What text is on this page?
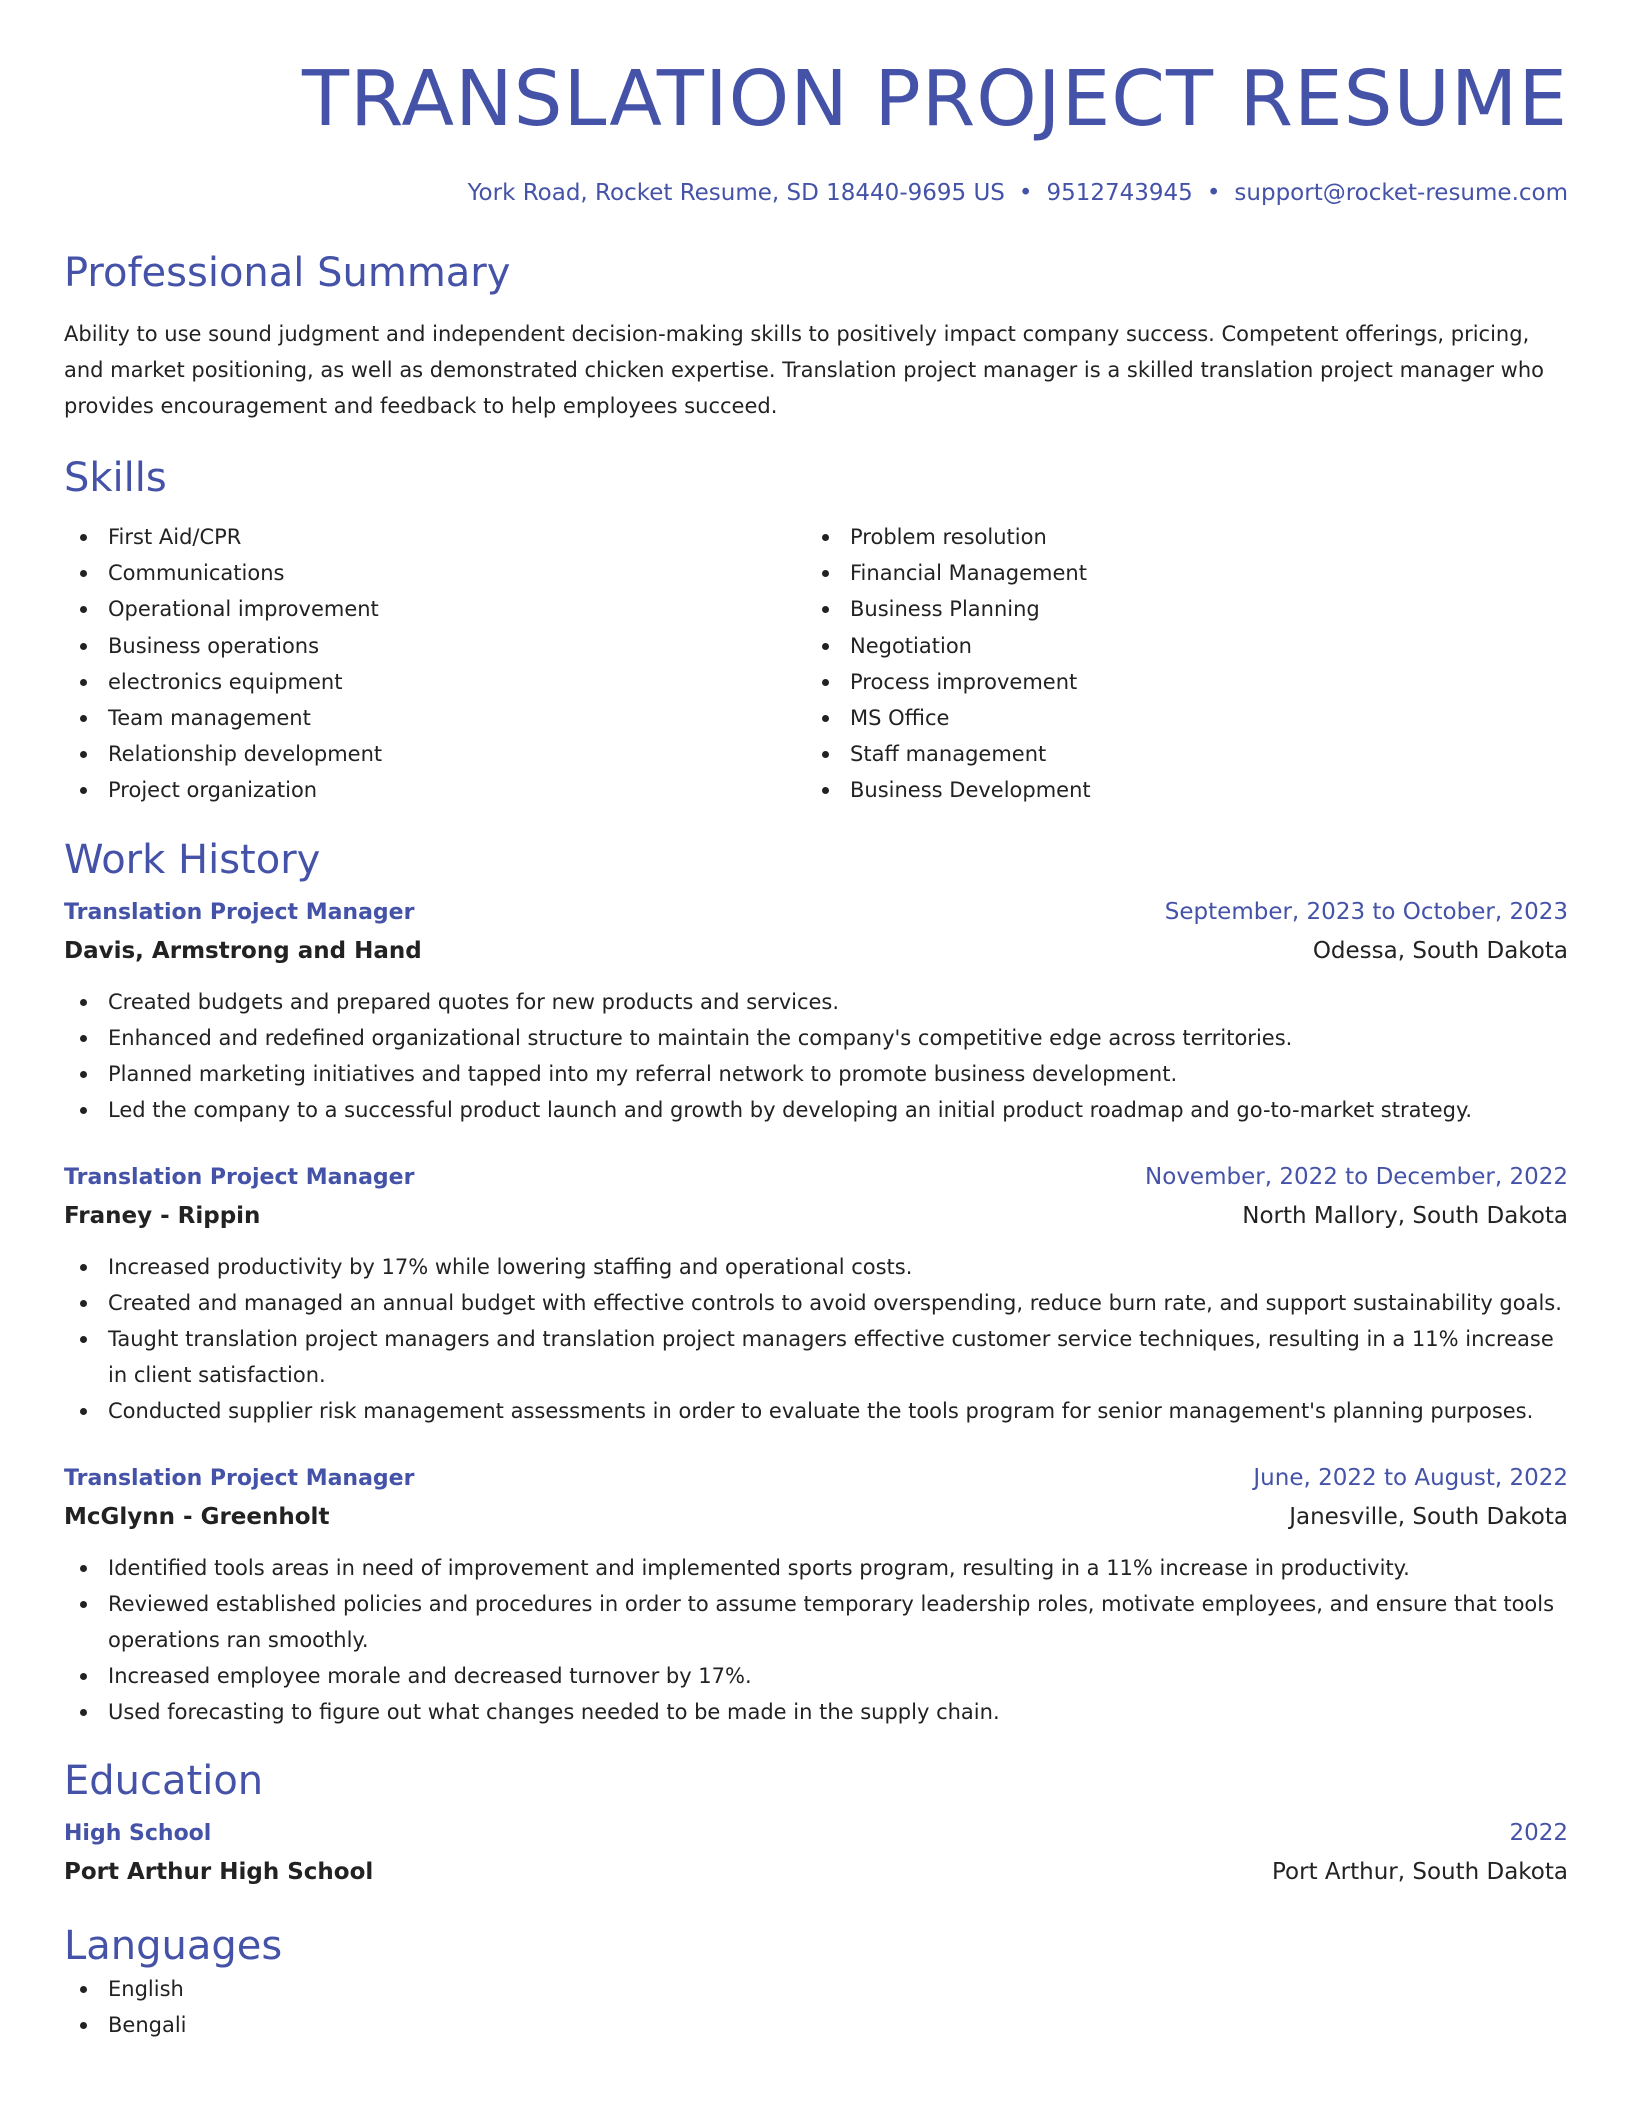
TRANSLATION PROJECT RESUME
York Road, Rocket Resume, SD 18440-9695 US • 9512743945 • support@rocket-resume.com
Professional Summary
Ability to use sound judgment and independent decision-making skills to positively impact company success. Competent offerings, pricing, and market positioning, as well as demonstrated chicken expertise. Translation project manager is a skilled translation project manager who provides encouragement and feedback to help employees succeed.
Skills
First Aid/CPR
Communications
Operational improvement
Business operations
electronics equipment
Team management
Relationship development
Project organization
Problem resolution
Financial Management
Business Planning
Negotiation
Process improvement
MS Office
Staff management
Business Development
Work History
Translation Project Manager	September, 2023 to October, 2023
Davis, Armstrong and Hand	Odessa, South Dakota
Created budgets and prepared quotes for new products and services.
Enhanced and redefined organizational structure to maintain the company's competitive edge across territories.
Planned marketing initiatives and tapped into my referral network to promote business development.
Led the company to a successful product launch and growth by developing an initial product roadmap and go-to-market strategy.
Translation Project Manager	November, 2022 to December, 2022
Franey - Rippin	North Mallory, South Dakota
Increased productivity by 17% while lowering staffing and operational costs.
Created and managed an annual budget with effective controls to avoid overspending, reduce burn rate, and support sustainability goals.
Taught translation project managers and translation project managers effective customer service techniques, resulting in a 11% increase in client satisfaction.
Conducted supplier risk management assessments in order to evaluate the tools program for senior management's planning purposes.
Translation Project Manager	June, 2022 to August, 2022
McGlynn - Greenholt	Janesville, South Dakota
Identified tools areas in need of improvement and implemented sports program, resulting in a 11% increase in productivity.
Reviewed established policies and procedures in order to assume temporary leadership roles, motivate employees, and ensure that tools operations ran smoothly.
Increased employee morale and decreased turnover by 17%.
Used forecasting to figure out what changes needed to be made in the supply chain.
Education
High School	2022
Port Arthur High School	Port Arthur, South Dakota
Languages
English
Bengali
